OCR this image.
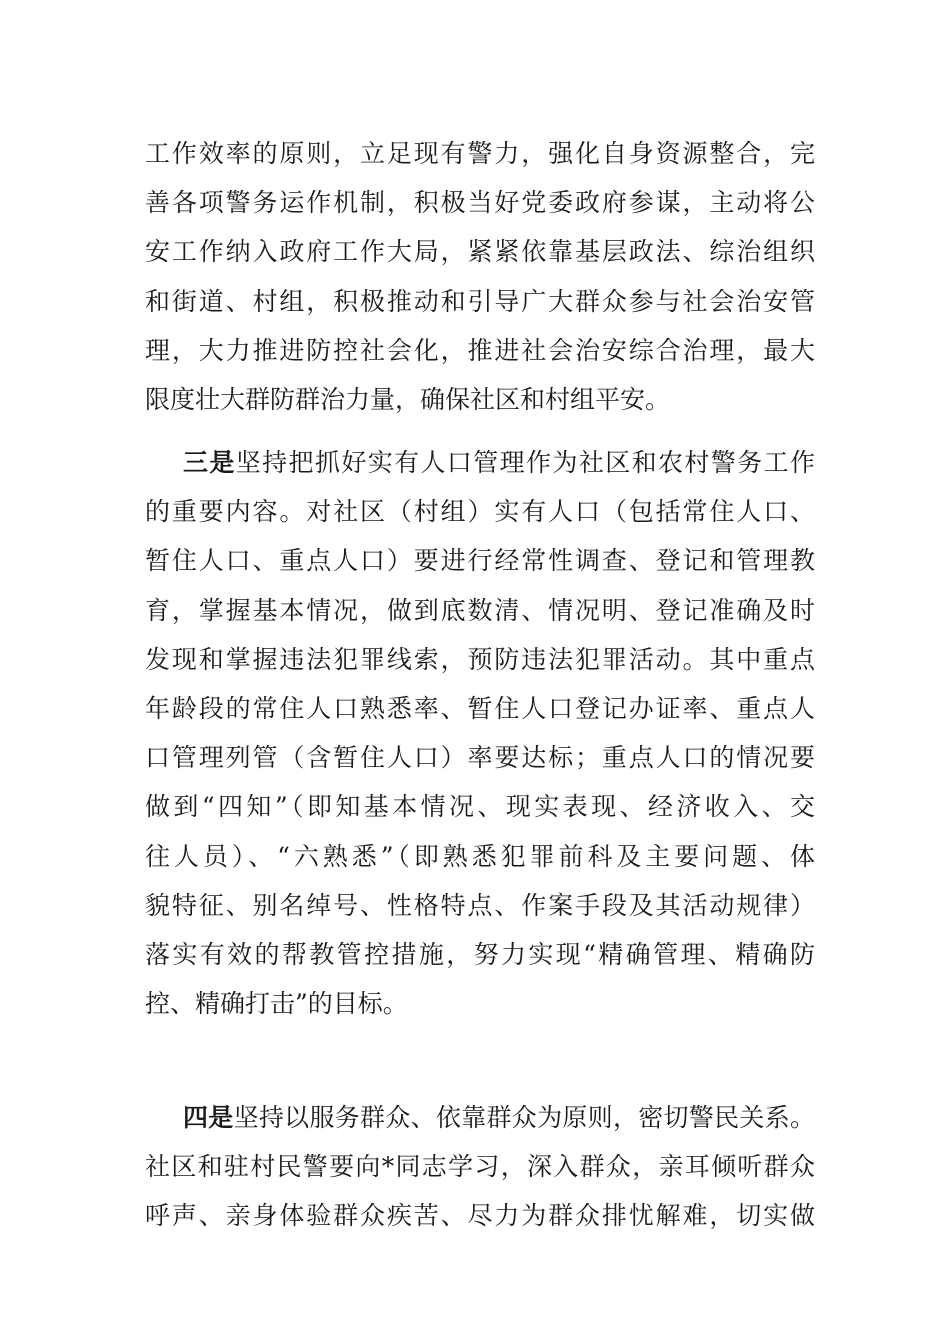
工作效率的原则，立足现有警力，强化自身资源整合，完
善各项警务运作机制，积极当好党委政府参谋，主动将公
安工作纳入政府工作大局，紧紧依靠基层政法、综治组织
和街道、村组，积极推动和引导广大群众参与社会治安管
理，大力推进防控社会化，推进社会治安综合治理，最大
限度壮大群防群治力量，确保社区和村组平安。
三是坚持把抓好实有人口管理作为社区和农村警务工作
的重要内容。对社区（村组）实有人口（包括常住人口、
暂住人口、重点人口）要进行经常性调查、登记和管理教
育，掌握基本情况，做到底数清、情况明、登记准确及时
发现和掌握违法犯罪线索，预防违法犯罪活动。其中重点
年龄段的常住人口熟悉率、暂住人口登记办证率、重点人
口管理列管（含暂住人口）率要达标；重点人口的情况要
做到“四知”（即知基本情况、现实表现、经济收入、交
往人员）、“六熟悉”（即熟悉犯罪前科及主要问题、体
貌特征、别名绰号、性格特点、作案手段及其活动规律）
落实有效的帮教管控措施，努力实现“精确管理、精确防
控、精确打击”的目标。
四是坚持以服务群众、依靠群众为原则，密切警民关系。
社区和驻村民警要向*同志学习，深入群众，亲耳倾听群众
呼声、亲身体验群众疾苦、尽力为群众排忧解难，切实做
